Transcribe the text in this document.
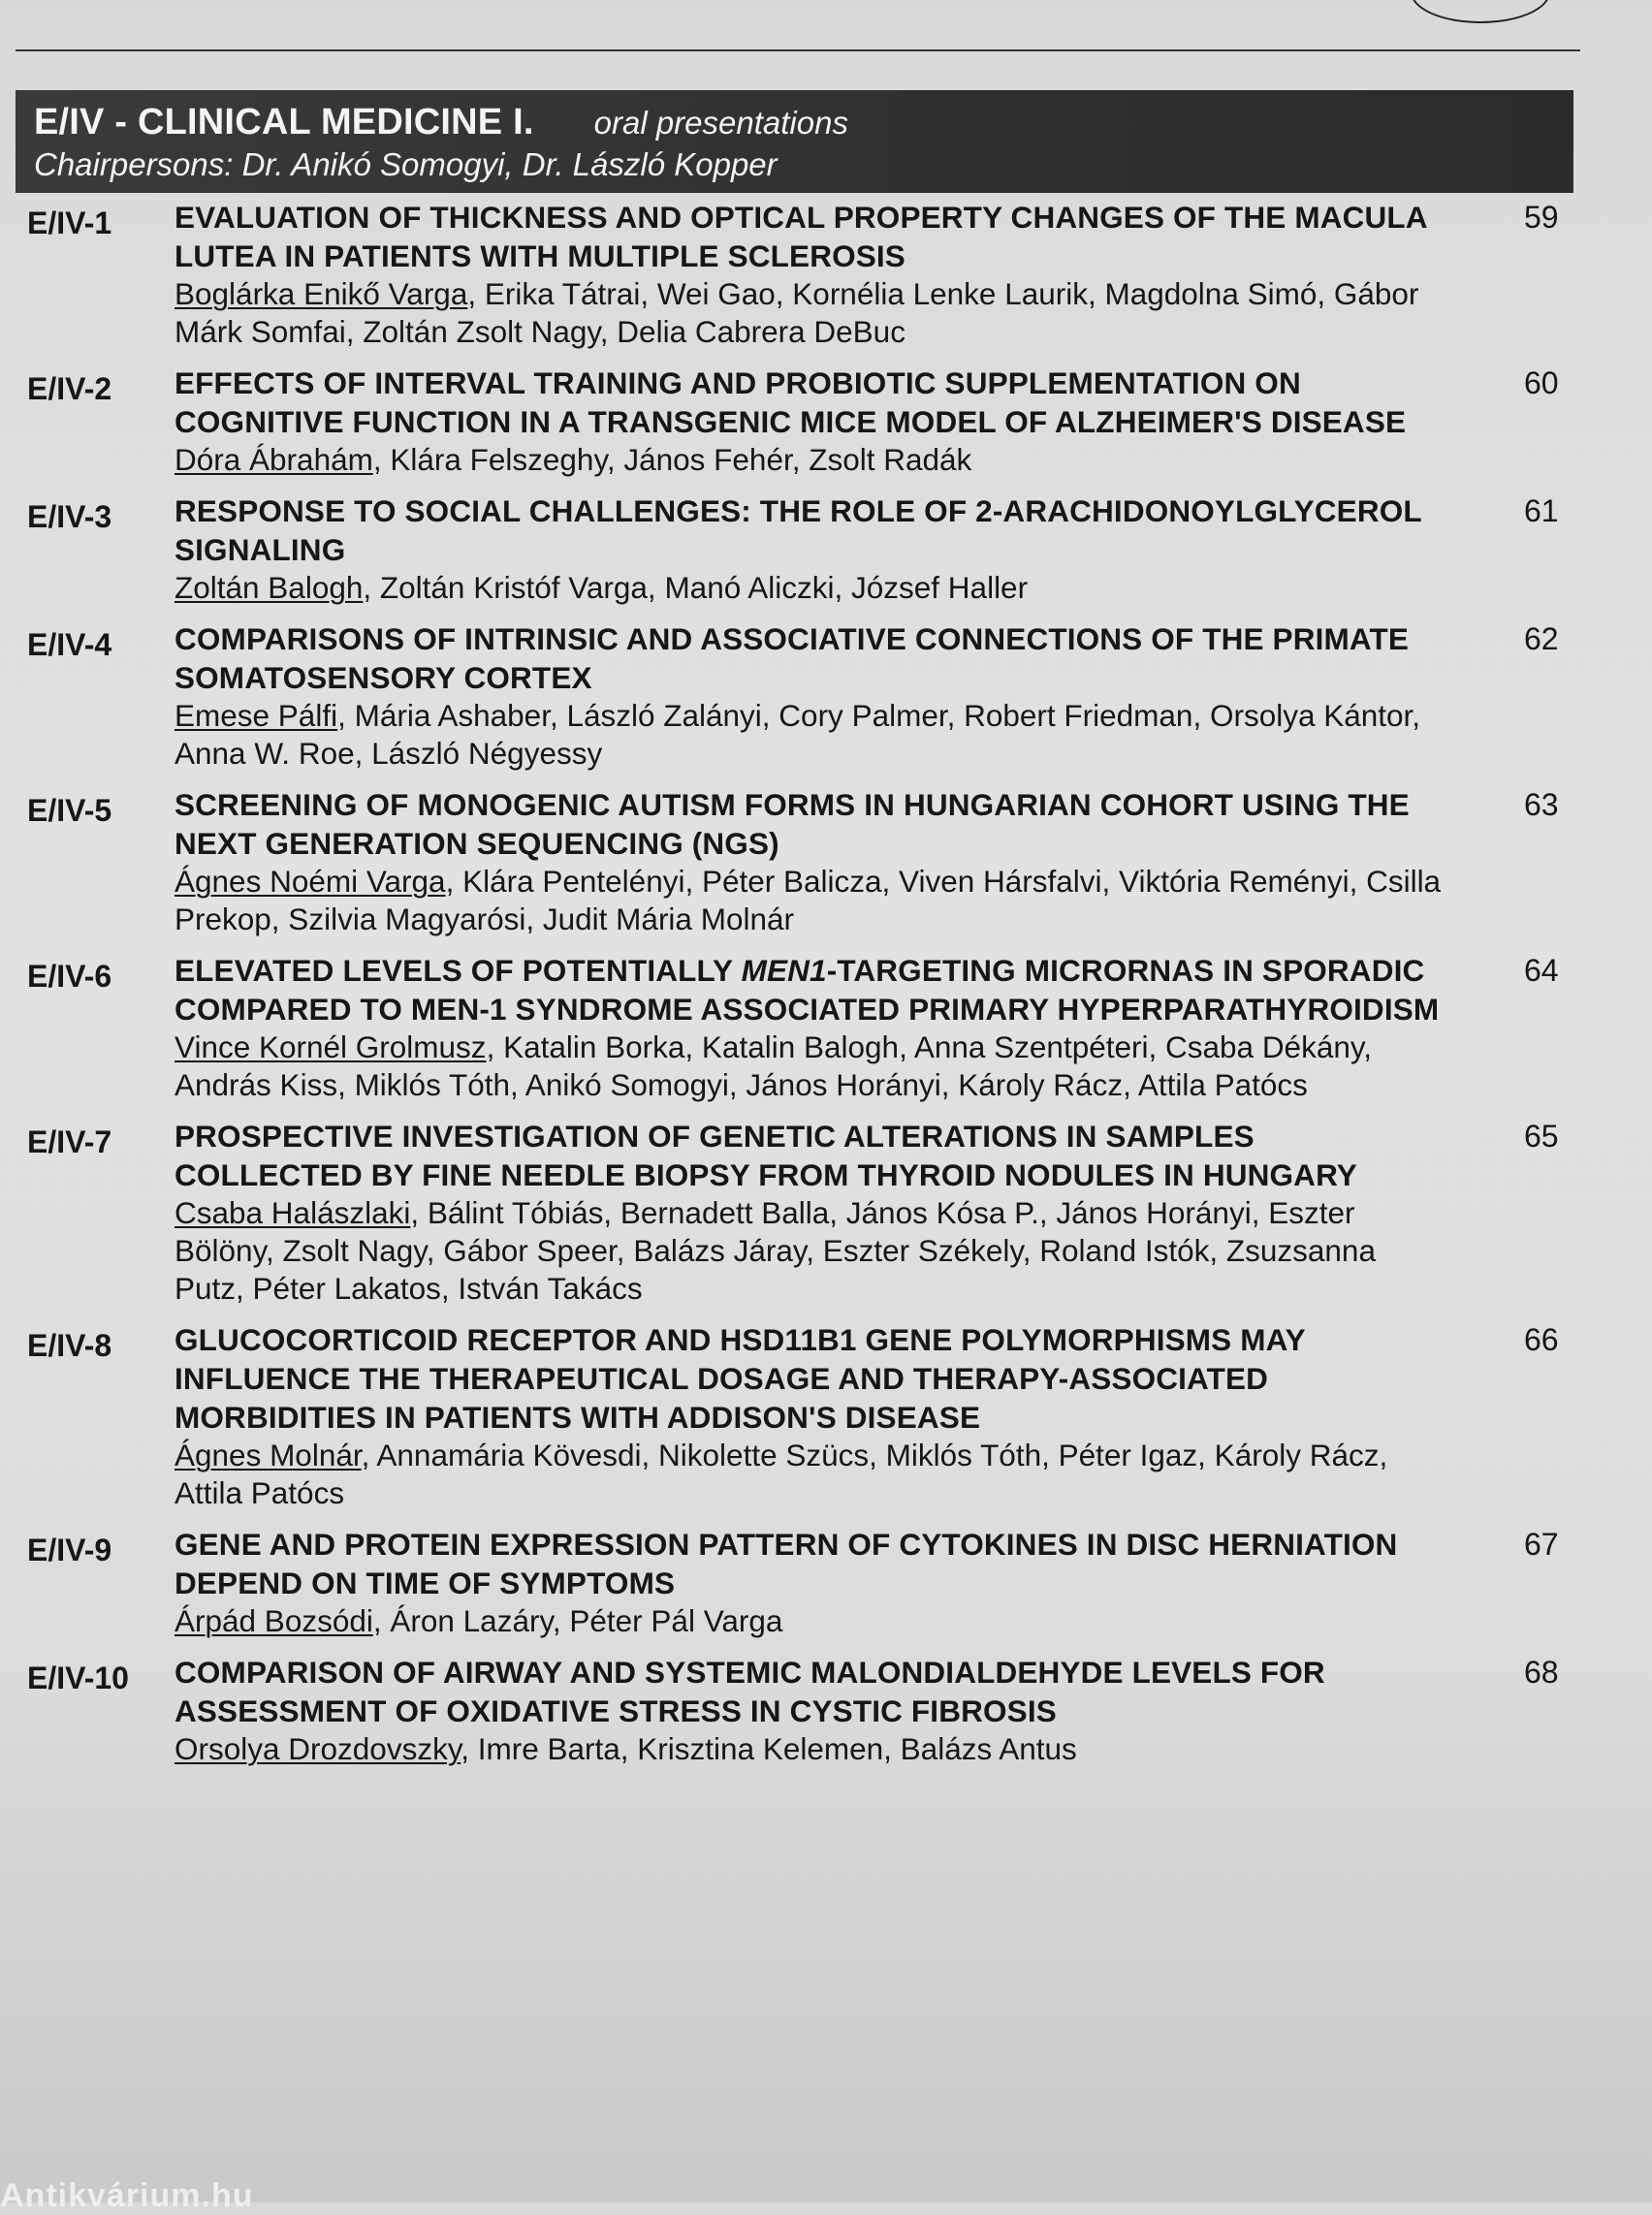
E/IV - CLINICAL MEDICINE I. oral presentations
Chairpersons: Dr. Anikó Somogyi, Dr. László Kopper
E/IV-1	EVALUATION OF THICKNESS AND OPTICAL PROPERTY CHANGES OF THE MACULA LUTEA IN PATIENTS WITH MULTIPLE SCLEROSIS
Boglárka Enikő Varga, Erika Tátrai, Wei Gao, Kornélia Lenke Laurik, Magdolna Simó, Gábor Márk Somfai, Zoltán Zsolt Nagy, Delia Cabrera DeBuc
59
E/IV-2	EFFECTS OF INTERVAL TRAINING AND PROBIOTIC SUPPLEMENTATION ON COGNITIVE FUNCTION IN A TRANSGENIC MICE MODEL OF ALZHEIMER'S DISEASE
Dóra Ábrahám, Klára Felszeghy, János Fehér, Zsolt Radák
60
E/IV-3	RESPONSE TO SOCIAL CHALLENGES: THE ROLE OF 2-ARACHIDONOYLGLYCEROL SIGNALING
Zoltán Balogh, Zoltán Kristóf Varga, Manó Aliczki, József Haller
61
E/IV-4	COMPARISONS OF INTRINSIC AND ASSOCIATIVE CONNECTIONS OF THE PRIMATE SOMATOSENSORY CORTEX
Emese Pálfi, Mária Ashaber, László Zalányi, Cory Palmer, Robert Friedman, Orsolya Kántor, Anna W. Roe, László Négyessy
62
E/IV-5	SCREENING OF MONOGENIC AUTISM FORMS IN HUNGARIAN COHORT USING THE NEXT GENERATION SEQUENCING (NGS)
Ágnes Noémi Varga, Klára Pentelényi, Péter Balicza, Viven Hársfalvi, Viktória Reményi, Csilla Prekop, Szilvia Magyarósi, Judit Mária Molnár
63
E/IV-6	ELEVATED LEVELS OF POTENTIALLY MEN1-TARGETING MICRORNAS IN SPORADIC COMPARED TO MEN-1 SYNDROME ASSOCIATED PRIMARY HYPERPARATHYROIDISM
Vince Kornél Grolmusz, Katalin Borka, Katalin Balogh, Anna Szentpéteri, Csaba Dékány, András Kiss, Miklós Tóth, Anikó Somogyi, János Horányi, Károly Rácz, Attila Patócs
64
E/IV-7	PROSPECTIVE INVESTIGATION OF GENETIC ALTERATIONS IN SAMPLES COLLECTED BY FINE NEEDLE BIOPSY FROM THYROID NODULES IN HUNGARY
Csaba Halászlaki, Bálint Tóbiás, Bernadett Balla, János Kósa P., János Horányi, Eszter Bölöny, Zsolt Nagy, Gábor Speer, Balázs Járay, Eszter Székely, Roland Istók, Zsuzsanna Putz, Péter Lakatos, István Takács
65
E/IV-8	GLUCOCORTICOID RECEPTOR AND HSD11B1 GENE POLYMORPHISMS MAY INFLUENCE THE THERAPEUTICAL DOSAGE AND THERAPY-ASSOCIATED MORBIDITIES IN PATIENTS WITH ADDISON'S DISEASE
Ágnes Molnár, Annamária Kövesdi, Nikolette Szücs, Miklós Tóth, Péter Igaz, Károly Rácz, Attila Patócs
66
E/IV-9	GENE AND PROTEIN EXPRESSION PATTERN OF CYTOKINES IN DISC HERNIATION DEPEND ON TIME OF SYMPTOMS
Árpád Bozsódi, Áron Lazáry, Péter Pál Varga
67
E/IV-10	COMPARISON OF AIRWAY AND SYSTEMIC MALONDIALDEHYDE LEVELS FOR ASSESSMENT OF OXIDATIVE STRESS IN CYSTIC FIBROSIS
Orsolya Drozdovszky, Imre Barta, Krisztina Kelemen, Balázs Antus
68
Antikvárium.hu
